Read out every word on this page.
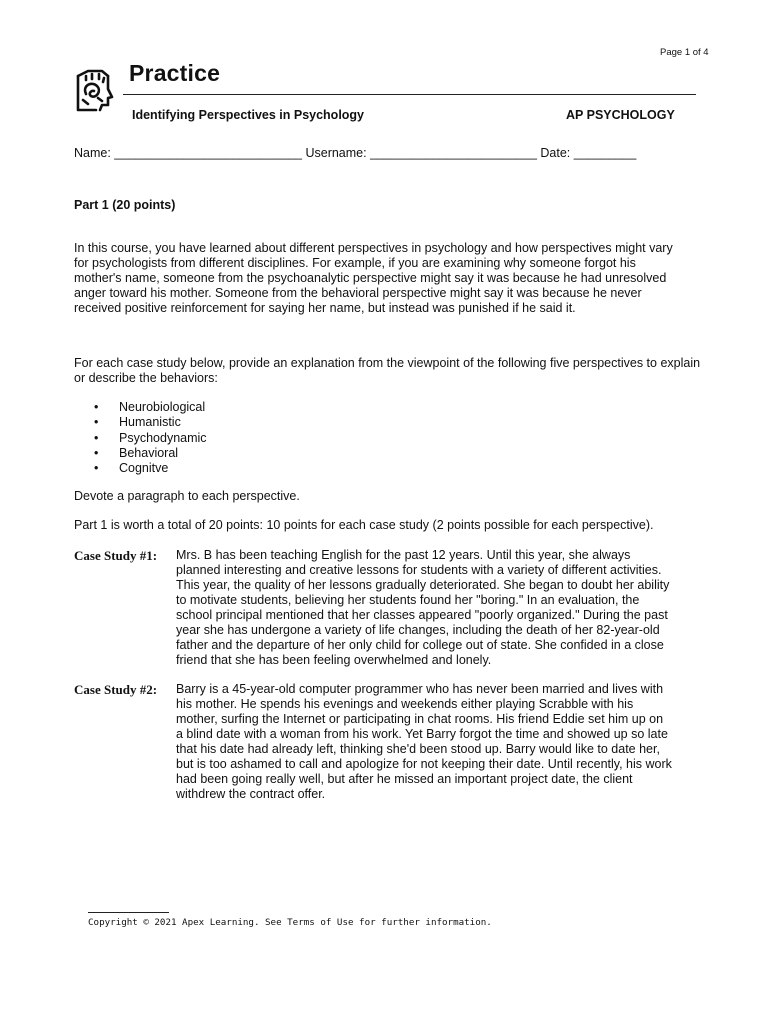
Page 1 of 4
Practice
Identifying Perspectives in Psychology	AP PSYCHOLOGY
Name: ___________________________ Username: ________________________ Date: _________
Part 1 (20 points)

In this course, you have learned about different perspectives in psychology and how perspectives might vary for psychologists from different disciplines. For example, if you are examining why someone forgot his mother's name, someone from the psychoanalytic perspective might say it was because he had unresolved anger toward his mother. Someone from the behavioral perspective might say it was because he never received positive reinforcement for saying her name, but instead was punished if he said it.

For each case study below, provide an explanation from the viewpoint of the following five perspectives to explain or describe the behaviors:

• Neurobiological
• Humanistic
• Psychodynamic
• Behavioral
• Cognitve

Devote a paragraph to each perspective.

Part 1 is worth a total of 20 points: 10 points for each case study (2 points possible for each perspective).

Case Study #1:	Mrs. B has been teaching English for the past 12 years. Until this year, she always planned interesting and creative lessons for students with a variety of different activities. This year, the quality of her lessons gradually deteriorated. She began to doubt her ability to motivate students, believing her students found her "boring." In an evaluation, the school principal mentioned that her classes appeared "poorly organized." During the past year she has undergone a variety of life changes, including the death of her 82-year-old father and the departure of her only child for college out of state. She confided in a close friend that she has been feeling overwhelmed and lonely.
Case Study #2:	Barry is a 45-year-old computer programmer who has never been married and lives with his mother. He spends his evenings and weekends either playing Scrabble with his mother, surfing the Internet or participating in chat rooms. His friend Eddie set him up on a blind date with a woman from his work. Yet Barry forgot the time and showed up so late that his date had already left, thinking she'd been stood up. Barry would like to date her, but is too ashamed to call and apologize for not keeping their date. Until recently, his work had been going really well, but after he missed an important project date, the client withdrew the contract offer.
Copyright © 2021 Apex Learning. See Terms of Use for further information.
